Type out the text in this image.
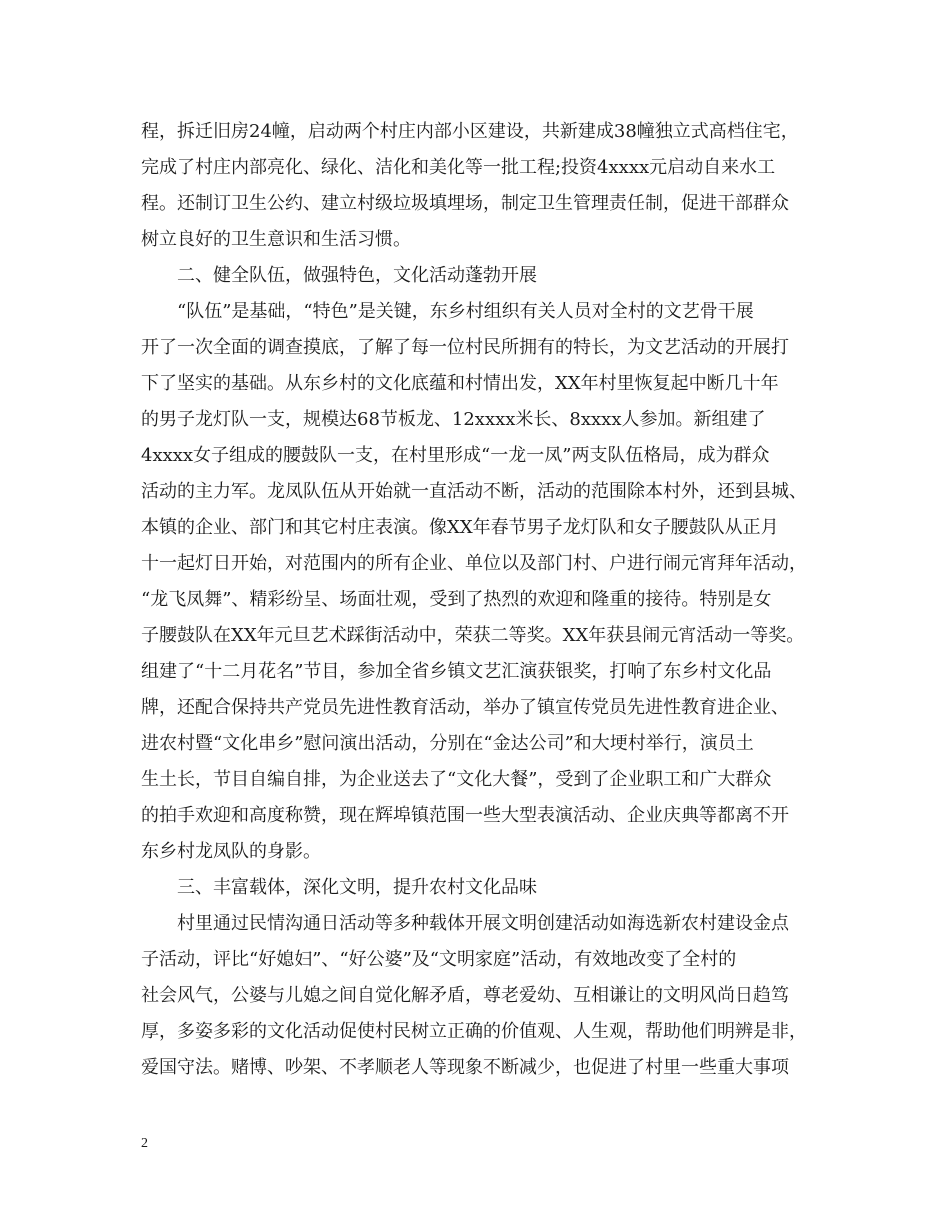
程，拆迁旧房24幢，启动两个村庄内部小区建设，共新建成38幢独立式高档住宅，

完成了村庄内部亮化、绿化、洁化和美化等一批工程;投资4xxxx元启动自来水工

程。还制订卫生公约、建立村级垃圾填埋场，制定卫生管理责任制，促进干部群众

树立良好的卫生意识和生活习惯。

　　二、健全队伍，做强特色，文化活动蓬勃开展

　　“队伍”是基础，“特色”是关键，东乡村组织有关人员对全村的文艺骨干展

开了一次全面的调查摸底，了解了每一位村民所拥有的特长，为文艺活动的开展打

下了坚实的基础。从东乡村的文化底蕴和村情出发，XX年村里恢复起中断几十年

的男子龙灯队一支，规模达68节板龙、12xxxx米长、8xxxx人参加。新组建了

4xxxx女子组成的腰鼓队一支，在村里形成“一龙一凤”两支队伍格局，成为群众

活动的主力军。龙凤队伍从开始就一直活动不断，活动的范围除本村外，还到县城、

本镇的企业、部门和其它村庄表演。像XX年春节男子龙灯队和女子腰鼓队从正月

十一起灯日开始，对范围内的所有企业、单位以及部门村、户进行闹元宵拜年活动，

“龙飞凤舞”、精彩纷呈、场面壮观，受到了热烈的欢迎和隆重的接待。特别是女

子腰鼓队在XX年元旦艺术踩街活动中，荣获二等奖。XX年获县闹元宵活动一等奖。

组建了“十二月花名”节目，参加全省乡镇文艺汇演获银奖，打响了东乡村文化品

牌，还配合保持共产党员先进性教育活动，举办了镇宣传党员先进性教育进企业、

进农村暨“文化串乡”慰问演出活动，分别在“金达公司”和大埂村举行，演员土

生土长，节目自编自排，为企业送去了“文化大餐”，受到了企业职工和广大群众

的拍手欢迎和高度称赞，现在辉埠镇范围一些大型表演活动、企业庆典等都离不开

东乡村龙凤队的身影。

　　三、丰富载体，深化文明，提升农村文化品味

　　村里通过民情沟通日活动等多种载体开展文明创建活动如海选新农村建设金点

子活动，评比“好媳妇”、“好公婆”及“文明家庭”活动，有效地改变了全村的

社会风气，公婆与儿媳之间自觉化解矛盾，尊老爱幼、互相谦让的文明风尚日趋笃

厚，多姿多彩的文化活动促使村民树立正确的价值观、人生观，帮助他们明辨是非，

爱国守法。赌博、吵架、不孝顺老人等现象不断减少，也促进了村里一些重大事项

2
